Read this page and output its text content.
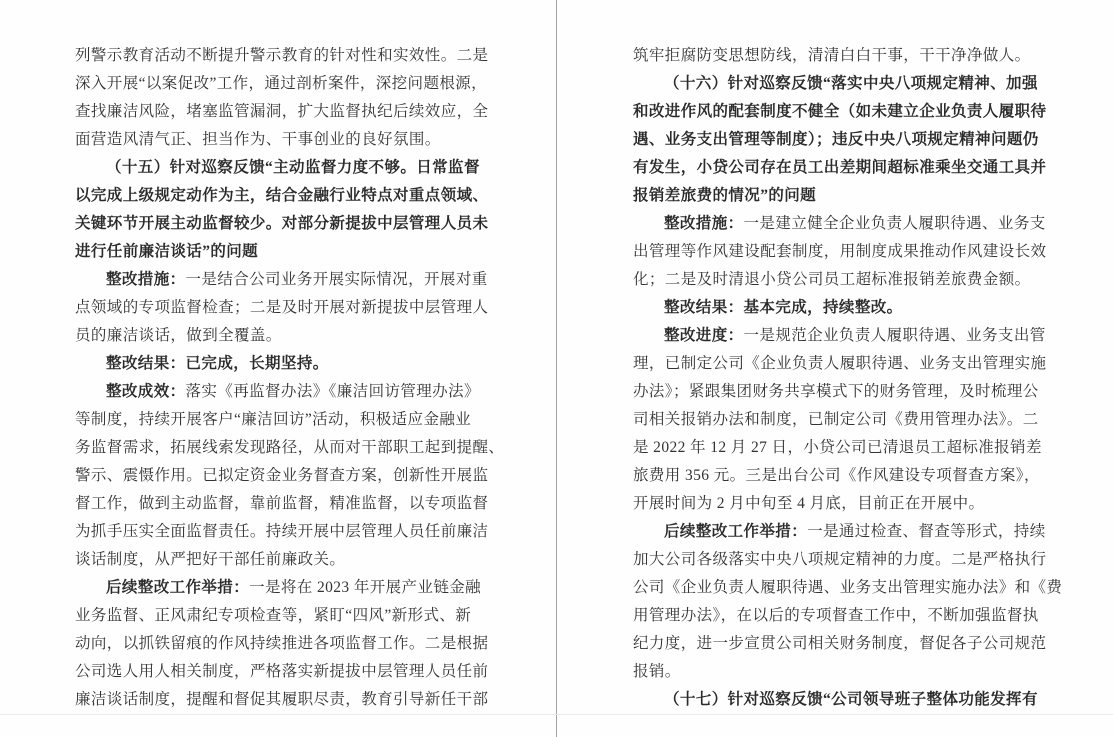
列警示教育活动不断提升警示教育的针对性和实效性。二是
深入开展“以案促改”工作，通过剖析案件，深挖问题根源，
查找廉洁风险，堵塞监管漏洞，扩大监督执纪后续效应，全
面营造风清气正、担当作为、干事创业的良好氛围。
（十五）针对巡察反馈“主动监督力度不够。日常监督
以完成上级规定动作为主，结合金融行业特点对重点领域、
关键环节开展主动监督较少。对部分新提拔中层管理人员未
进行任前廉洁谈话”的问题
整改措施：一是结合公司业务开展实际情况，开展对重
点领域的专项监督检查；二是及时开展对新提拔中层管理人
员的廉洁谈话，做到全覆盖。
整改结果：已完成，长期坚持。
整改成效：落实《再监督办法》《廉洁回访管理办法》
等制度，持续开展客户“廉洁回访”活动，积极适应金融业
务监督需求，拓展线索发现路径，从而对干部职工起到提醒、
警示、震慑作用。已拟定资金业务督查方案，创新性开展监
督工作，做到主动监督，靠前监督，精准监督，以专项监督
为抓手压实全面监督责任。持续开展中层管理人员任前廉洁
谈话制度，从严把好干部任前廉政关。
后续整改工作举措：一是将在 2023 年开展产业链金融
业务监督、正风肃纪专项检查等，紧盯“四风”新形式、新
动向，以抓铁留痕的作风持续推进各项监督工作。二是根据
公司选人用人相关制度，严格落实新提拔中层管理人员任前
廉洁谈话制度，提醒和督促其履职尽责，教育引导新任干部
筑牢拒腐防变思想防线，清清白白干事，干干净净做人。
（十六）针对巡察反馈“落实中央八项规定精神、加强
和改进作风的配套制度不健全（如未建立企业负责人履职待
遇、业务支出管理等制度）；违反中央八项规定精神问题仍
有发生，小贷公司存在员工出差期间超标准乘坐交通工具并
报销差旅费的情况”的问题
整改措施：一是建立健全企业负责人履职待遇、业务支
出管理等作风建设配套制度，用制度成果推动作风建设长效
化；二是及时清退小贷公司员工超标准报销差旅费金额。
整改结果：基本完成，持续整改。
整改进度：一是规范企业负责人履职待遇、业务支出管
理，已制定公司《企业负责人履职待遇、业务支出管理实施
办法》；紧跟集团财务共享模式下的财务管理，及时梳理公
司相关报销办法和制度，已制定公司《费用管理办法》。二
是 2022 年 12 月 27 日，小贷公司已清退员工超标准报销差
旅费用 356 元。三是出台公司《作风建设专项督查方案》，
开展时间为 2 月中旬至 4 月底，目前正在开展中。
后续整改工作举措：一是通过检查、督查等形式，持续
加大公司各级落实中央八项规定精神的力度。二是严格执行
公司《企业负责人履职待遇、业务支出管理实施办法》和《费
用管理办法》，在以后的专项督查工作中，不断加强监督执
纪力度，进一步宣贯公司相关财务制度，督促各子公司规范
报销。
（十七）针对巡察反馈“公司领导班子整体功能发挥有
